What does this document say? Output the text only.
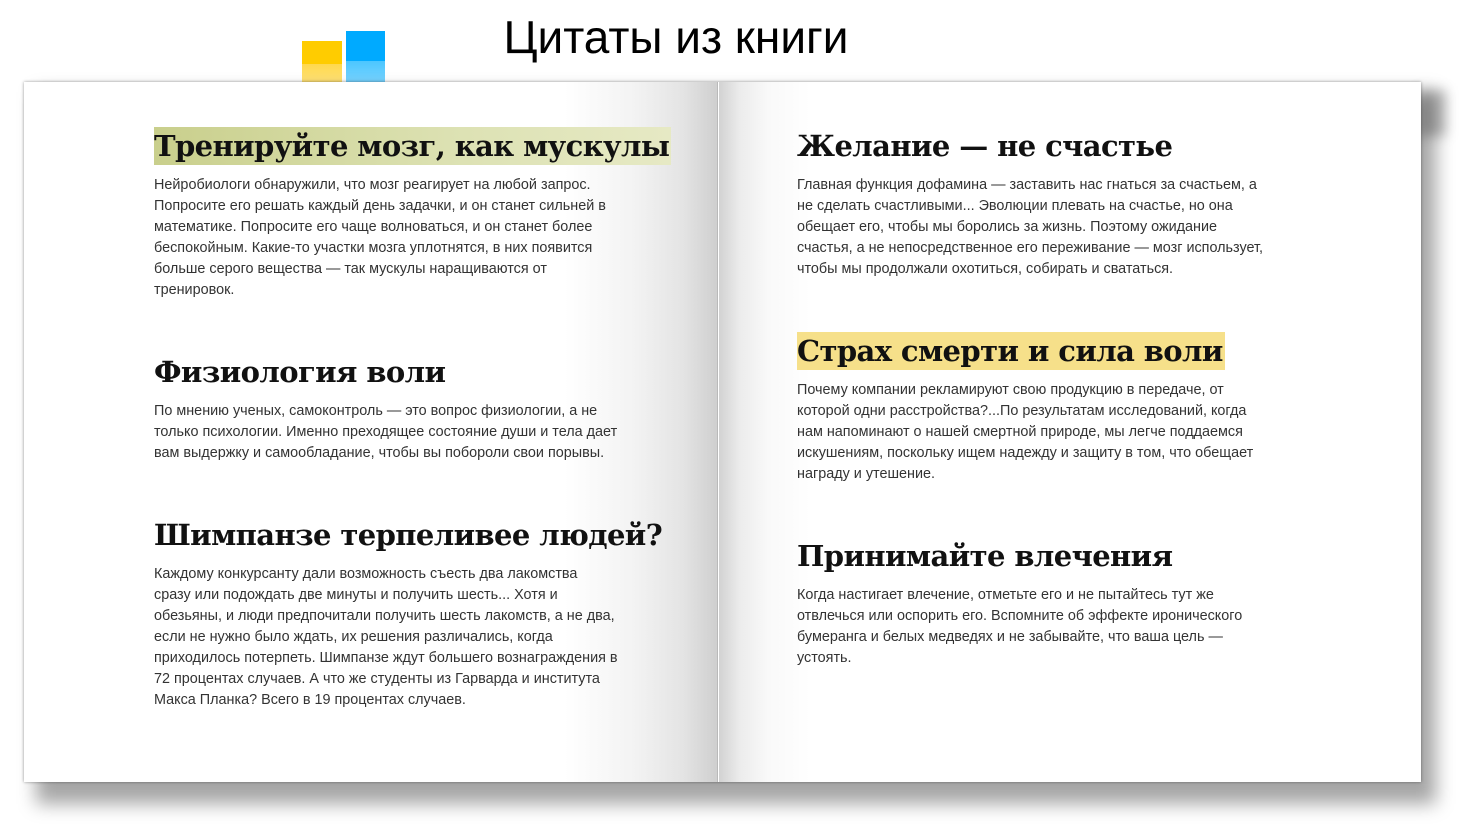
Цитаты из книги
Тренируйте мозг, как мускулы

Нейробиологи обнаружили, что мозг реагирует на любой запрос.
Попросите его решать каждый день задачки, и он станет сильней в
математике. Попросите его чаще волноваться, и он станет более
беспокойным. Какие-то участки мозга уплотнятся, в них появится
больше серого вещества — так мускулы наращиваются от
тренировок.

Физиология воли

По мнению ученых, самоконтроль — это вопрос физиологии, а не
только психологии. Именно преходящее состояние души и тела дает
вам выдержку и самообладание, чтобы вы побороли свои порывы.

Шимпанзе терпеливее людей?

Каждому конкурсанту дали возможность съесть два лакомства
сразу или подождать две минуты и получить шесть... Хотя и
обезьяны, и люди предпочитали получить шесть лакомств, а не два,
если не нужно было ждать, их решения различались, когда
приходилось потерпеть. Шимпанзе ждут большего вознаграждения в
72 процентах случаев. А что же студенты из Гарварда и института
Макса Планка? Всего в 19 процентах случаев.

Желание — не счастье

Главная функция дофамина — заставить нас гнаться за счастьем, а
не сделать счастливыми... Эволюции плевать на счастье, но она
обещает его, чтобы мы боролись за жизнь. Поэтому ожидание
счастья, а не непосредственное его переживание — мозг использует,
чтобы мы продолжали охотиться, собирать и свататься.

Страх смерти и сила воли

Почему компании рекламируют свою продукцию в передаче, от
которой одни расстройства?...По результатам исследований, когда
нам напоминают о нашей смертной природе, мы легче поддаемся
искушениям, поскольку ищем надежду и защиту в том, что обещает
награду и утешение.

Принимайте влечения

Когда настигает влечение, отметьте его и не пытайтесь тут же
отвлечься или оспорить его. Вспомните об эффекте иронического
бумеранга и белых медведях и не забывайте, что ваша цель —
устоять.
